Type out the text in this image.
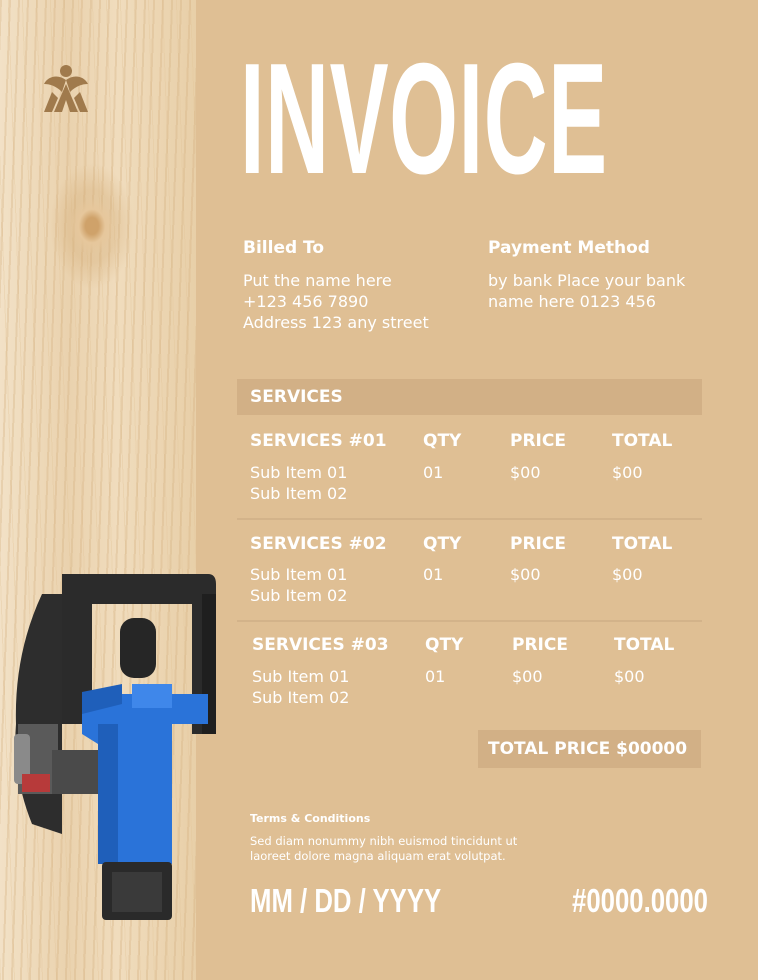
INVOICE
Billed To
Put the name here
+123 456 7890
Address 123 any street
Payment Method
by bank Place your bank
name here 0123 456
SERVICES
SERVICES #01 QTY	PRICE	TOTAL
Sub Item 01
Sub Item 02
01	$00	$00
SERVICES #02 QTY	PRICE	TOTAL
Sub Item 01
Sub Item 02
01	$00	$00
SERVICES #03 QTY	PRICE	TOTAL
Sub Item 01
Sub Item 02
01	$00	$00
TOTAL PRICE $00000
Terms & Conditions
Sed diam nonummy nibh euismod tincidunt ut laoreet dolore magna aliquam erat volutpat.
MM / DD / YYYY	#0000.0000
